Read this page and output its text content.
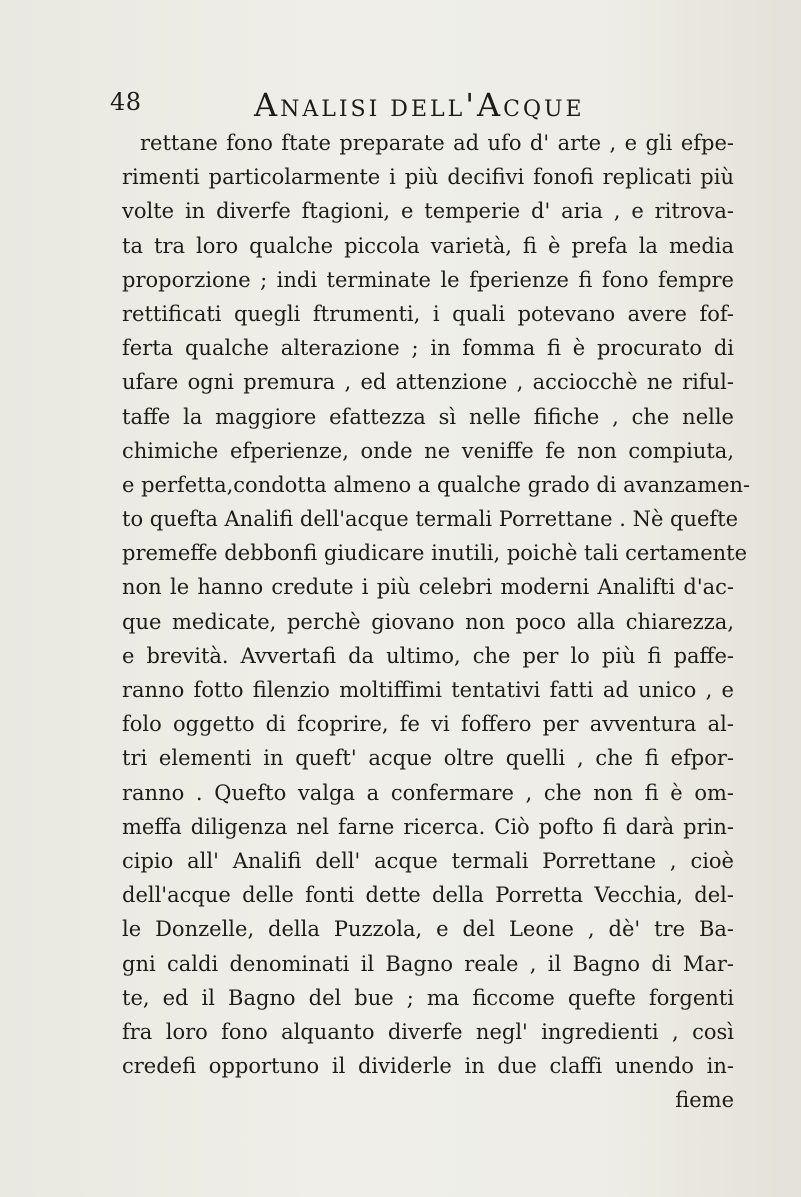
48	ANALISI DELL'ACQUE
rettane fono ftate preparate ad ufo d' arte , e gli efpe-
rimenti particolarmente i più decifivi fonofi replicati più
volte in diverfe ftagioni, e temperie d' aria , e ritrova-
ta tra loro qualche piccola varietà, fi è prefa la media
proporzione ; indi terminate le fperienze fi fono fempre
rettificati quegli ftrumenti, i quali potevano avere fof-
ferta qualche alterazione ; in fomma fi è procurato di
ufare ogni premura , ed attenzione , acciocchè ne riful-
taffe la maggiore efattezza sì nelle fifiche , che nelle
chimiche efperienze, onde ne veniffe fe non compiuta,
e perfetta,condotta almeno a qualche grado di avanzamen-
to quefta Analifi dell'acque termali Porrettane . Nè quefte
premeffe debbonfi giudicare inutili, poichè tali certamente
non le hanno credute i più celebri moderni Analifti d'ac-
que medicate, perchè giovano non poco alla chiarezza,
e brevità. Avvertafi da ultimo, che per lo più fi paffe-
ranno fotto filenzio moltiffimi tentativi fatti ad unico , e
folo oggetto di fcoprire, fe vi foffero per avventura al-
tri elementi in queft' acque oltre quelli , che fi efpor-
ranno . Quefto valga a confermare , che non fi è om-
meffa diligenza nel farne ricerca. Ciò pofto fi darà prin-
cipio all' Analifi dell' acque termali Porrettane , cioè
dell'acque delle fonti dette della Porretta Vecchia, del-
le Donzelle, della Puzzola, e del Leone , dè' tre Ba-
gni caldi denominati il Bagno reale , il Bagno di Mar-
te, ed il Bagno del bue ; ma ficcome quefte forgenti
fra loro fono alquanto diverfe negl' ingredienti , così
credefi opportuno il dividerle in due claffi unendo in-
fieme
